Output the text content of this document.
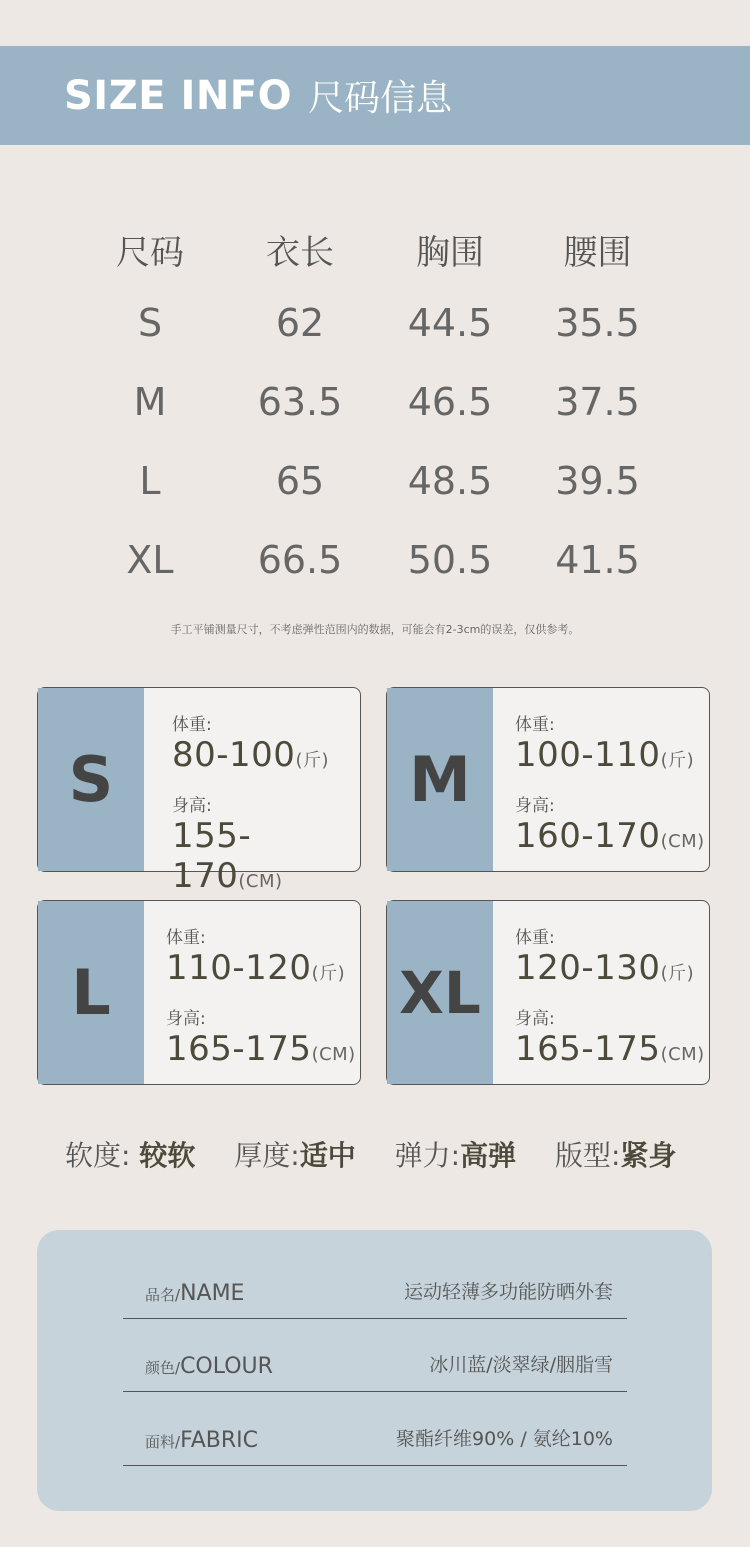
SIZE INFO 尺码信息
尺码	衣长	胸围	腰围
S	62	44.5	35.5
M	63.5	46.5	37.5
L	65	48.5	39.5
XL	66.5	50.5	41.5
手工平铺测量尺寸，不考虑弹性范围内的数据，可能会有2-3cm的误差，仅供参考。
S
体重:
80-100(斤)
身高:
155-170(CM)
M
体重:
100-110(斤)
身高:
160-170(CM)
L
体重:
110-120(斤)
身高:
165-175(CM)
XL
体重:
120-130(斤)
身高:
165-175(CM)
软度: 较软 厚度:适中 弹力:高弹 版型:紧身
品名/NAME	运动轻薄多功能防晒外套
颜色/COLOUR	冰川蓝/淡翠绿/胭脂雪
面料/FABRIC	聚酯纤维90% / 氨纶10%
